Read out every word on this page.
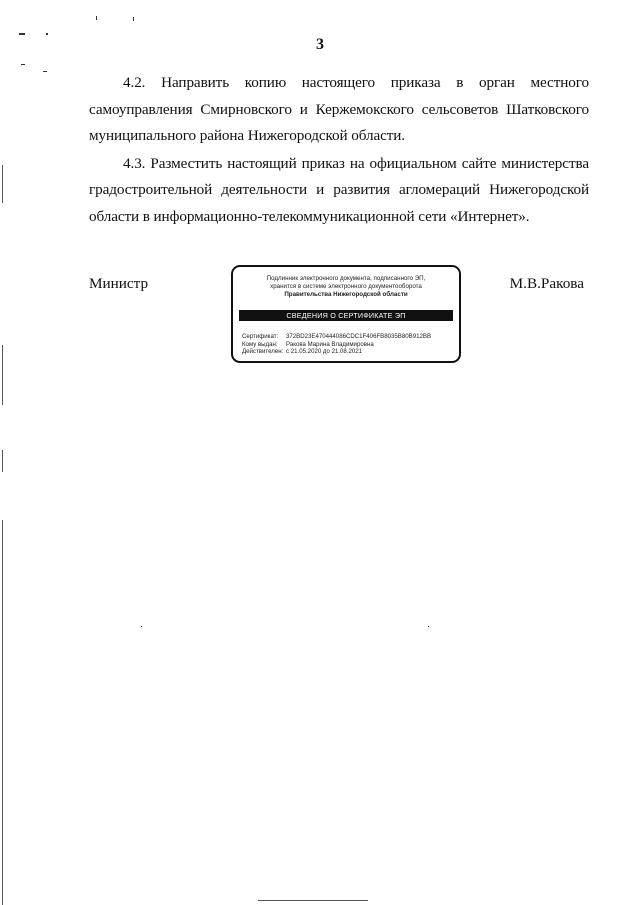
3

4.2. Направить копию настоящего приказа в орган местного самоуправления Смирновского и Кержемокского сельсоветов Шатковского муниципального района Нижегородской области.

4.3. Разместить настоящий приказ на официальном сайте министерства градостроительной деятельности и развития агломераций Нижегородской области в информационно-телекоммуникационной сети «Интернет».

Министр	М.В.Ракова
Подлинник электронного документа, подписанного ЭП,
хранится в системе электронного документооборота
Правительства Нижегородской области
СВЕДЕНИЯ О СЕРТИФИКАТЕ ЭП
Сертификат: 372BD23E470444086CDC1F406FB8035B80B912BB
Кому выдан: Ракова Марина Владимировна
Действителен: с 21.05.2020 до 21.08.2021
